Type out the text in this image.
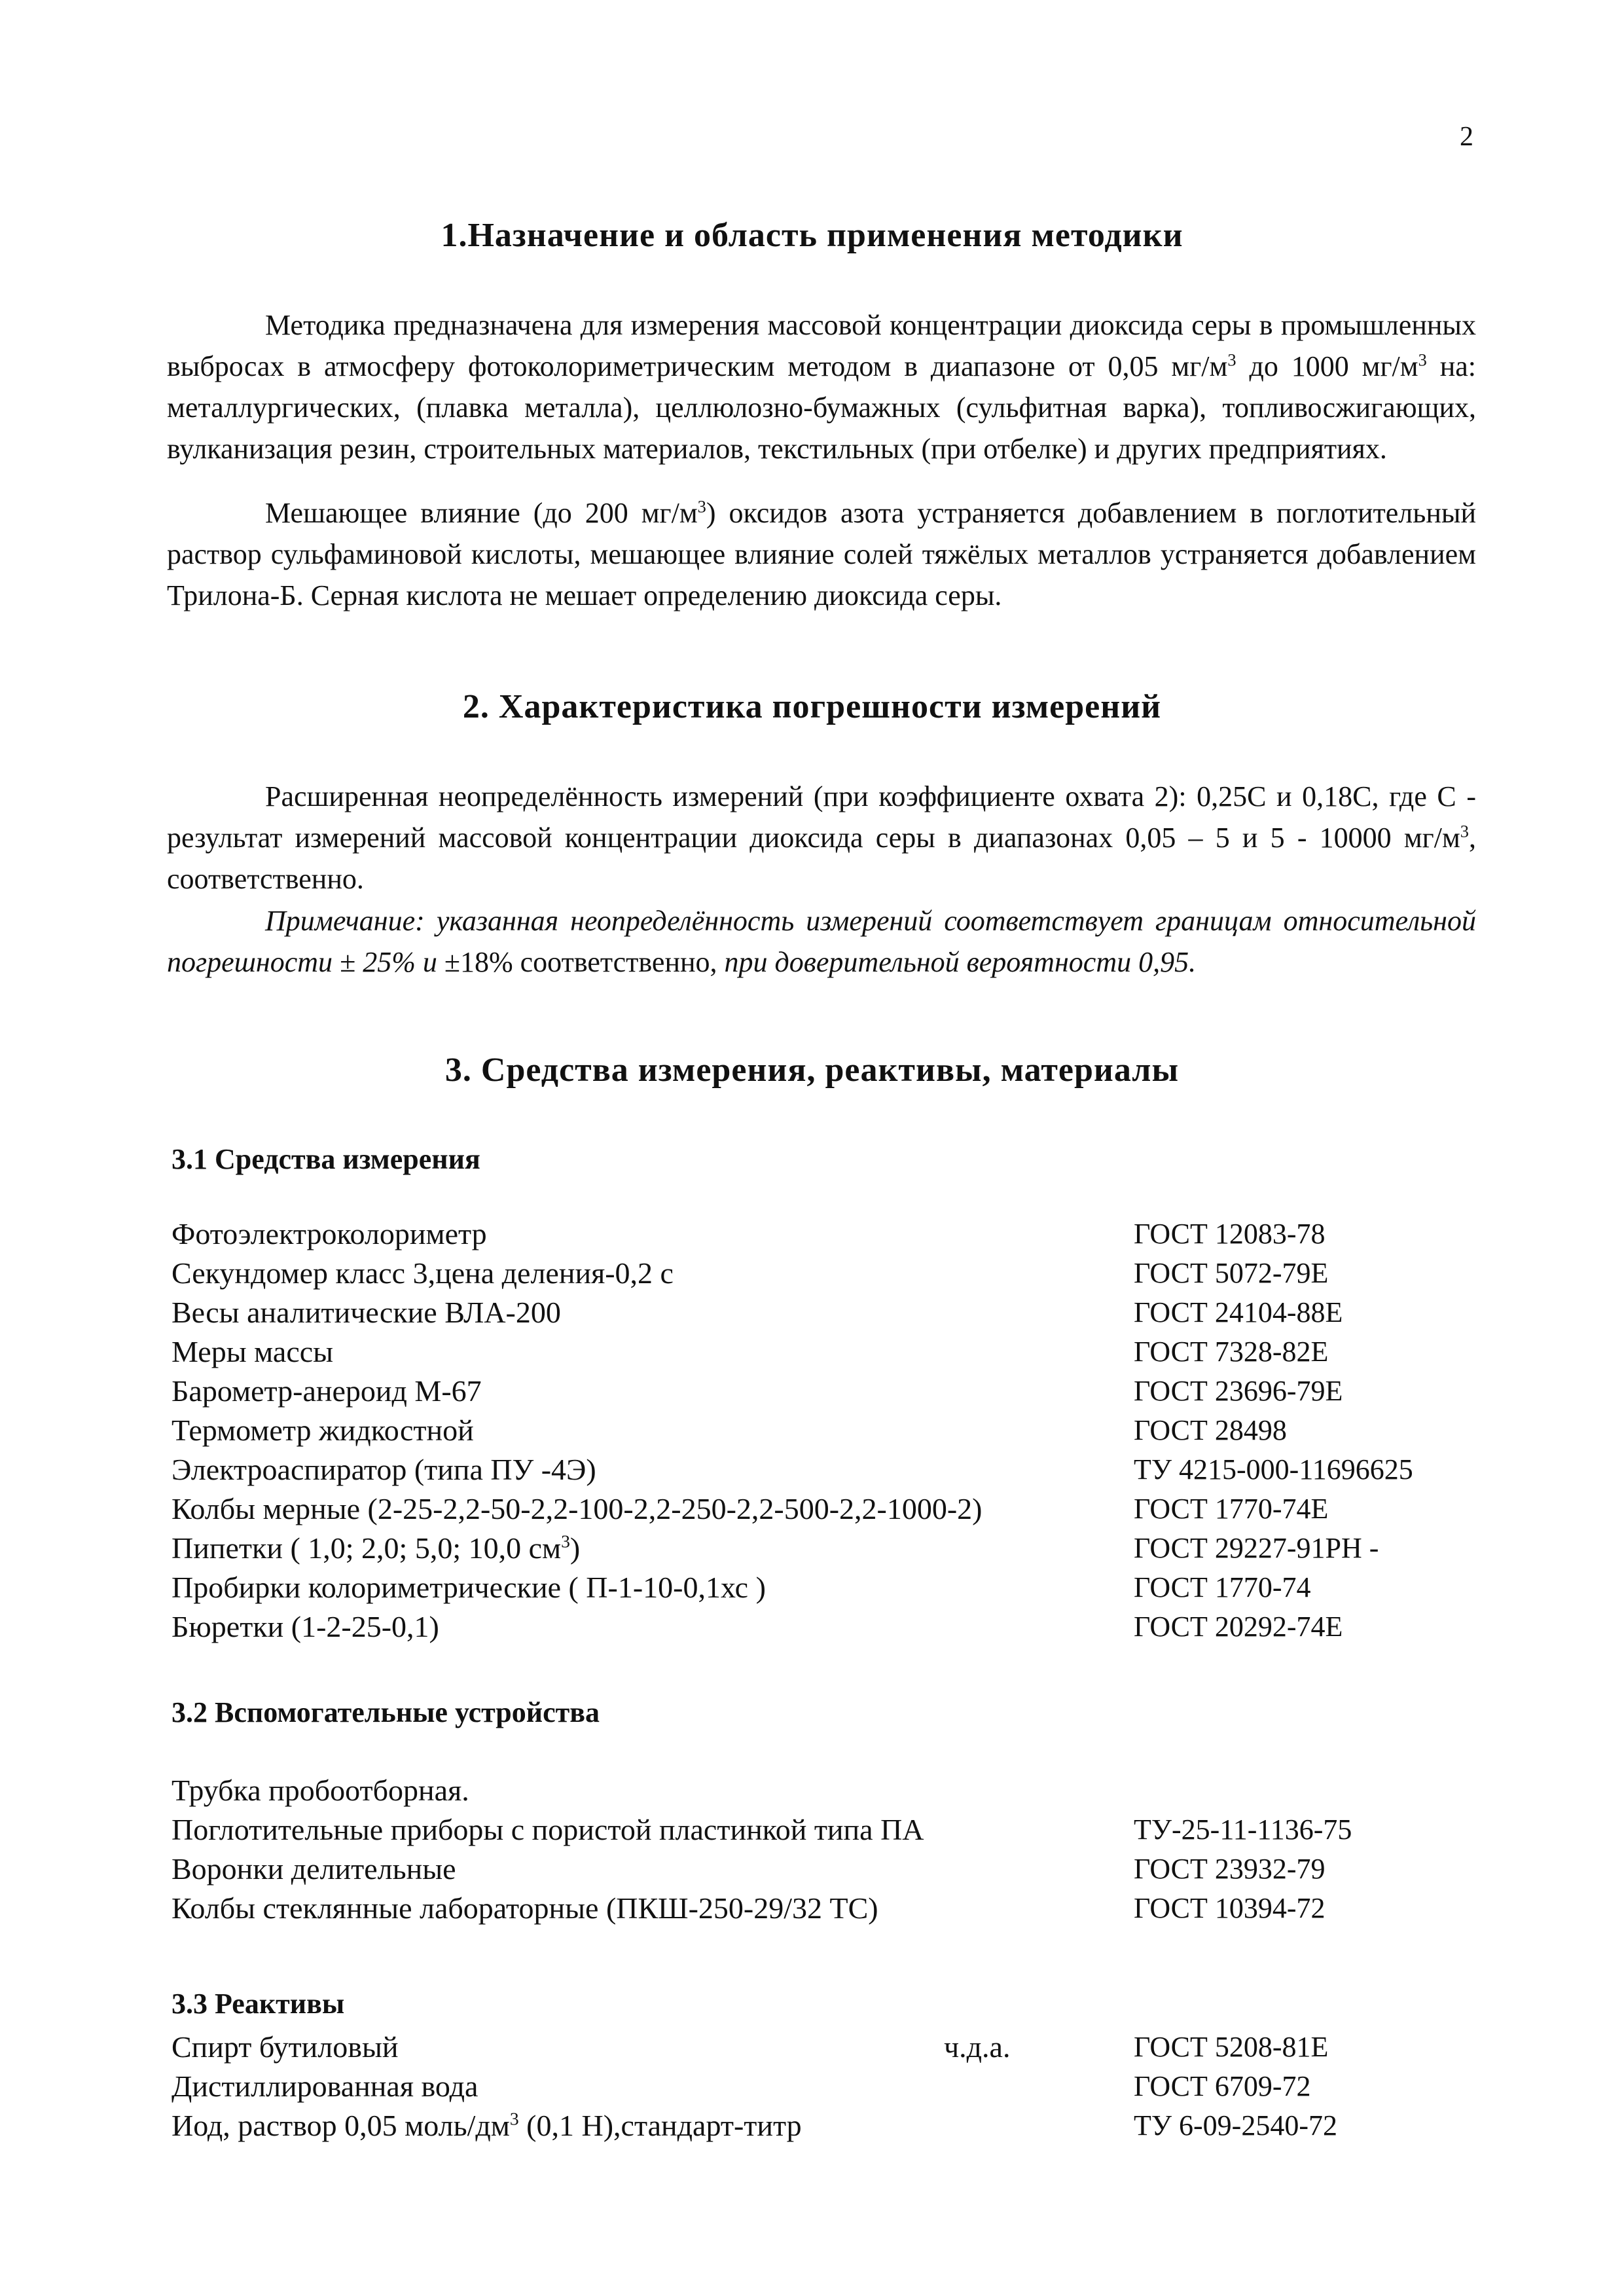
2
1.Назначение и область применения методики
Методика предназначена для измерения массовой концентрации диоксида серы в промышленных выбросах в атмосферу фотоколориметрическим методом в диапазоне от 0,05 $мг/м^3$ до 1000 $мг/м^3$ на: металлургических, (плавка металла), целлюлозно-бумажных (сульфитная варка), топливосжигающих, вулканизация резин, строительных материалов, текстильных (при отбелке) и других предприятиях.
Мешающее влияние (до 200 $мг/м^3$) оксидов азота устраняется добавлением в поглотительный раствор сульфаминовой кислоты, мешающее влияние солей тяжёлых металлов устраняется добавлением Трилона-Б. Серная кислота не мешает определению диоксида серы.
2. Характеристика погрешности измерений
Расширенная неопределённость измерений (при коэффициенте охвата 2): 0,25С и 0,18С, где С - результат измерений массовой концентрации диоксида серы в диапазонах 0,05 – 5 и 5 - 10000 $мг/м^3$, соответственно.
Примечание: указанная неопределённость измерений соответствует границам относительной погрешности ± 25% и ±18% соответственно, при доверительной вероятности 0,95.
3. Средства измерения, реактивы, материалы
3.1 Средства измерения
Фотоэлектроколориметр	ГОСТ 12083-78
Секундомер класс 3,цена деления-0,2 с	ГОСТ 5072-79Е
Весы аналитические ВЛА-200	ГОСТ 24104-88Е
Меры массы	ГОСТ 7328-82Е
Барометр-анероид М-67	ГОСТ 23696-79Е
Термометр жидкостной	ГОСТ 28498
Электроаспиратор (типа ПУ -4Э)	ТУ 4215-000-11696625
Колбы мерные (2-25-2,2-50-2,2-100-2,2-250-2,2-500-2,2-1000-2)	ГОСТ 1770-74Е
Пипетки ( 1,0; 2,0; 5,0; 10,0 $см^3$)	ГОСТ 29227-91РН -
Пробирки колориметрические ( П-1-10-0,1хс )	ГОСТ 1770-74
Бюретки (1-2-25-0,1)	ГОСТ 20292-74Е
3.2 Вспомогательные устройства
Трубка пробоотборная.
Поглотительные приборы с пористой пластинкой типа ПА	ТУ-25-11-1136-75
Воронки делительные	ГОСТ 23932-79
Колбы стеклянные лабораторные (ПКШ-250-29/32 ТС)	ГОСТ 10394-72
3.3 Реактивы
Спирт бутиловый	ч.д.а.	ГОСТ 5208-81Е
Дистиллированная вода	ГОСТ 6709-72
Иод, раствор 0,05 моль/$дм^3$ (0,1 Н),стандарт-титр	ТУ 6-09-2540-72
